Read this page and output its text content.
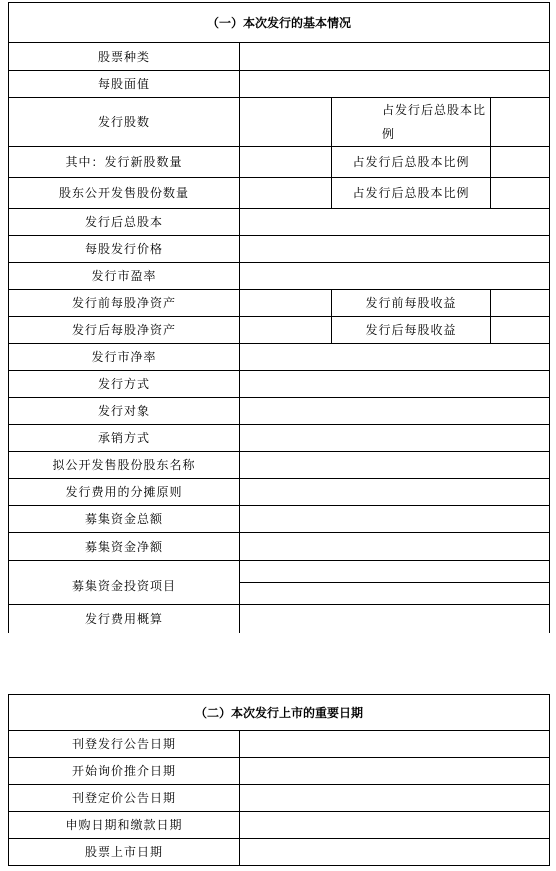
（一）本次发行的基本情况			
股票种类			
每股面值			
发行股数		占发行后总股本比例	
其中：发行新股数量		占发行后总股本比例	
股东公开发售股份数量		占发行后总股本比例	
发行后总股本			
每股发行价格			
发行市盈率			
发行前每股净资产		发行前每股收益	
发行后每股净资产		发行后每股收益	
发行市净率			
发行方式			
发行对象			
承销方式			
拟公开发售股份股东名称			
发行费用的分摊原则			
募集资金总额			
募集资金净额			
募集资金投资项目			

发行费用概算			
（二）本次发行上市的重要日期	
刊登发行公告日期	
开始询价推介日期	
刊登定价公告日期	
申购日期和缴款日期	
股票上市日期	
